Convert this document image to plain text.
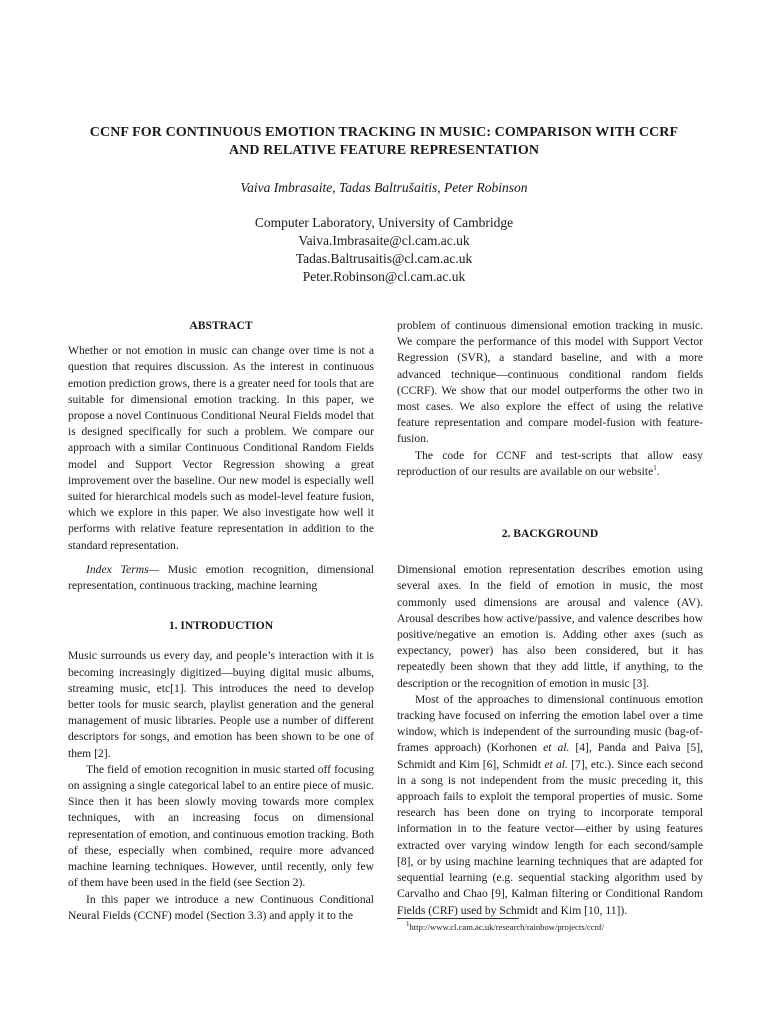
CCNF FOR CONTINUOUS EMOTION TRACKING IN MUSIC: COMPARISON WITH CCRF
AND RELATIVE FEATURE REPRESENTATION
Vaiva Imbrasaite, Tadas Baltrušaitis, Peter Robinson
Computer Laboratory, University of Cambridge
Vaiva.Imbrasaite@cl.cam.ac.uk
Tadas.Baltrusaitis@cl.cam.ac.uk
Peter.Robinson@cl.cam.ac.uk

ABSTRACT

Whether or not emotion in music can change over time is not a question that requires discussion. As the interest in continuous emotion prediction grows, there is a greater need for tools that are suitable for dimensional emotion tracking. In this paper, we propose a novel Continuous Conditional Neural Fields model that is designed specifically for such a problem. We compare our approach with a similar Continuous Conditional Random Fields model and Support Vector Regression showing a great improvement over the baseline. Our new model is especially well suited for hierarchical models such as model-level feature fusion, which we explore in this paper. We also investigate how well it performs with relative feature representation in addition to the standard representation.

Index Terms— Music emotion recognition, dimensional representation, continuous tracking, machine learning

1. INTRODUCTION

Music surrounds us every day, and people’s interaction with it is becoming increasingly digitized—buying digital music albums, streaming music, etc[1]. This introduces the need to develop better tools for music search, playlist generation and the general management of music libraries. People use a number of different descriptors for songs, and emotion has been shown to be one of them [2].

The field of emotion recognition in music started off focusing on assigning a single categorical label to an entire piece of music. Since then it has been slowly moving towards more complex techniques, with an increasing focus on dimensional representation of emotion, and continuous emotion tracking. Both of these, especially when combined, require more advanced machine learning techniques. However, until recently, only few of them have been used in the field (see Section 2).

In this paper we introduce a new Continuous Conditional Neural Fields (CCNF) model (Section 3.3) and apply it to the

problem of continuous dimensional emotion tracking in music. We compare the performance of this model with Support Vector Regression (SVR), a standard baseline, and with a more advanced technique—continuous conditional random fields (CCRF). We show that our model outperforms the other two in most cases. We also explore the effect of using the relative feature representation and compare model-fusion with feature-fusion.

The code for CCNF and test-scripts that allow easy reproduction of our results are available on our website$^1$.

2. BACKGROUND

Dimensional emotion representation describes emotion using several axes. In the field of emotion in music, the most commonly used dimensions are arousal and valence (AV). Arousal describes how active/passive, and valence describes how positive/negative an emotion is. Adding other axes (such as expectancy, power) has also been considered, but it has repeatedly been shown that they add little, if anything, to the description or the recognition of emotion in music [3].

Most of the approaches to dimensional continuous emotion tracking have focused on inferring the emotion label over a time window, which is independent of the surrounding music (bag-of-frames approach) (Korhonen et al. [4], Panda and Paiva [5], Schmidt and Kim [6], Schmidt et al. [7], etc.). Since each second in a song is not independent from the music preceding it, this approach fails to exploit the temporal properties of music. Some research has been done on trying to incorporate temporal information in to the feature vector—either by using features extracted over varying window length for each second/sample [8], or by using machine learning techniques that are adapted for sequential learning (e.g. sequential stacking algorithm used by Carvalho and Chao [9], Kalman filtering or Conditional Random Fields (CRF) used by Schmidt and Kim [10, 11]).

$^1$http://www.cl.cam.ac.uk/research/rainbow/projects/ccnf/
